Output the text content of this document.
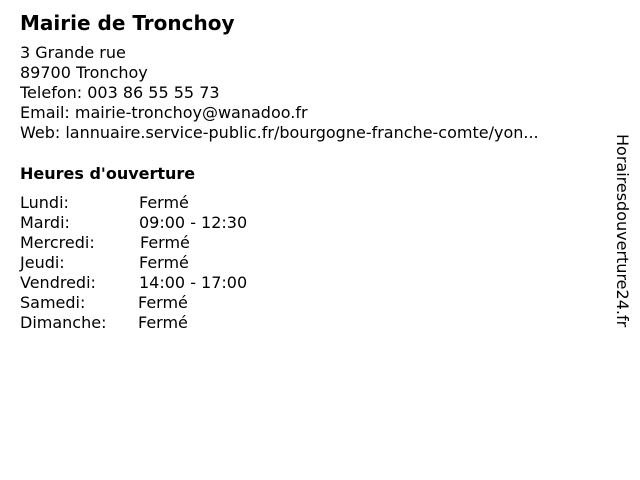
Mairie de Tronchoy
3 Grande rue
89700 Tronchoy
Telefon: 003 86 55 55 73
Email: mairie-tronchoy@wanadoo.fr
Web: lannuaire.service-public.fr/bourgogne-franche-comte/yon...
Heures d'ouverture
Lundi:	Fermé
Mardi:	09:00 - 12:30
Mercredi:	Fermé
Jeudi:	Fermé
Vendredi:	14:00 - 17:00
Samedi:	Fermé
Dimanche: Fermé	Horairesdouverture24.fr
